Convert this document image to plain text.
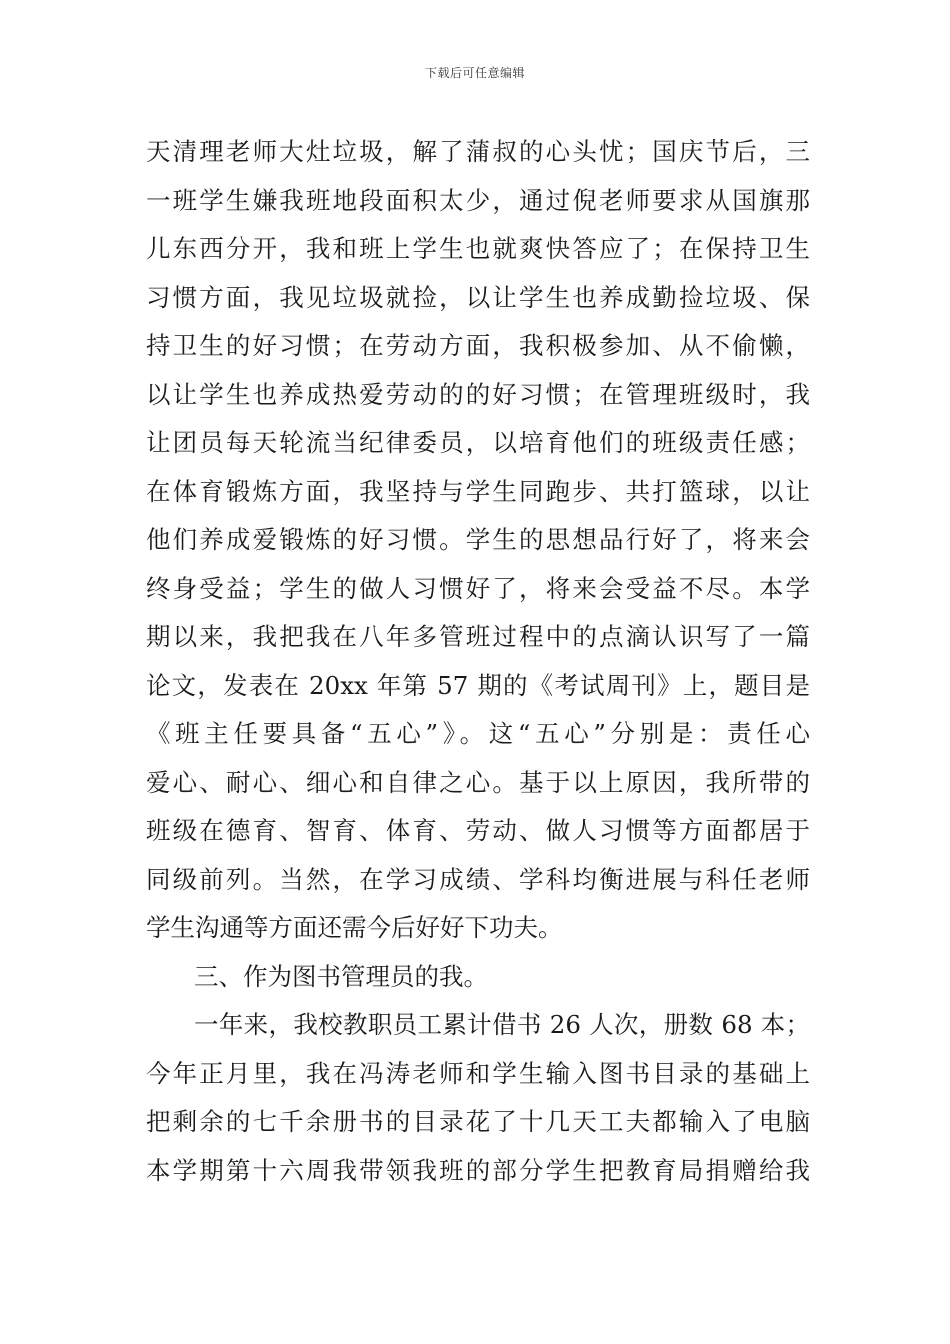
下载后可任意编辑
天清理老师大灶垃圾，解了蒲叔的心头忧；国庆节后，三
一班学生嫌我班地段面积太少，通过倪老师要求从国旗那
儿东西分开，我和班上学生也就爽快答应了；在保持卫生
习惯方面，我见垃圾就捡，以让学生也养成勤捡垃圾、保
持卫生的好习惯；在劳动方面，我积极参加、从不偷懒，
以让学生也养成热爱劳动的的好习惯；在管理班级时，我
让团员每天轮流当纪律委员，以培育他们的班级责任感；
在体育锻炼方面，我坚持与学生同跑步、共打篮球，以让
他们养成爱锻炼的好习惯。学生的思想品行好了，将来会
终身受益；学生的做人习惯好了，将来会受益不尽。本学
期以来，我把我在八年多管班过程中的点滴认识写了一篇
论文，发表在 20xx 年第 57 期的《考试周刊》上，题目是
《班主任要具备“五心”》。这“五心”分别是：责任心
爱心、耐心、细心和自律之心。基于以上原因，我所带的
班级在德育、智育、体育、劳动、做人习惯等方面都居于
同级前列。当然，在学习成绩、学科均衡进展与科任老师
学生沟通等方面还需今后好好下功夫。
三、作为图书管理员的我。
一年来，我校教职员工累计借书 26 人次，册数 68 本；
今年正月里，我在冯涛老师和学生输入图书目录的基础上
把剩余的七千余册书的目录花了十几天工夫都输入了电脑
本学期第十六周我带领我班的部分学生把教育局捐赠给我
